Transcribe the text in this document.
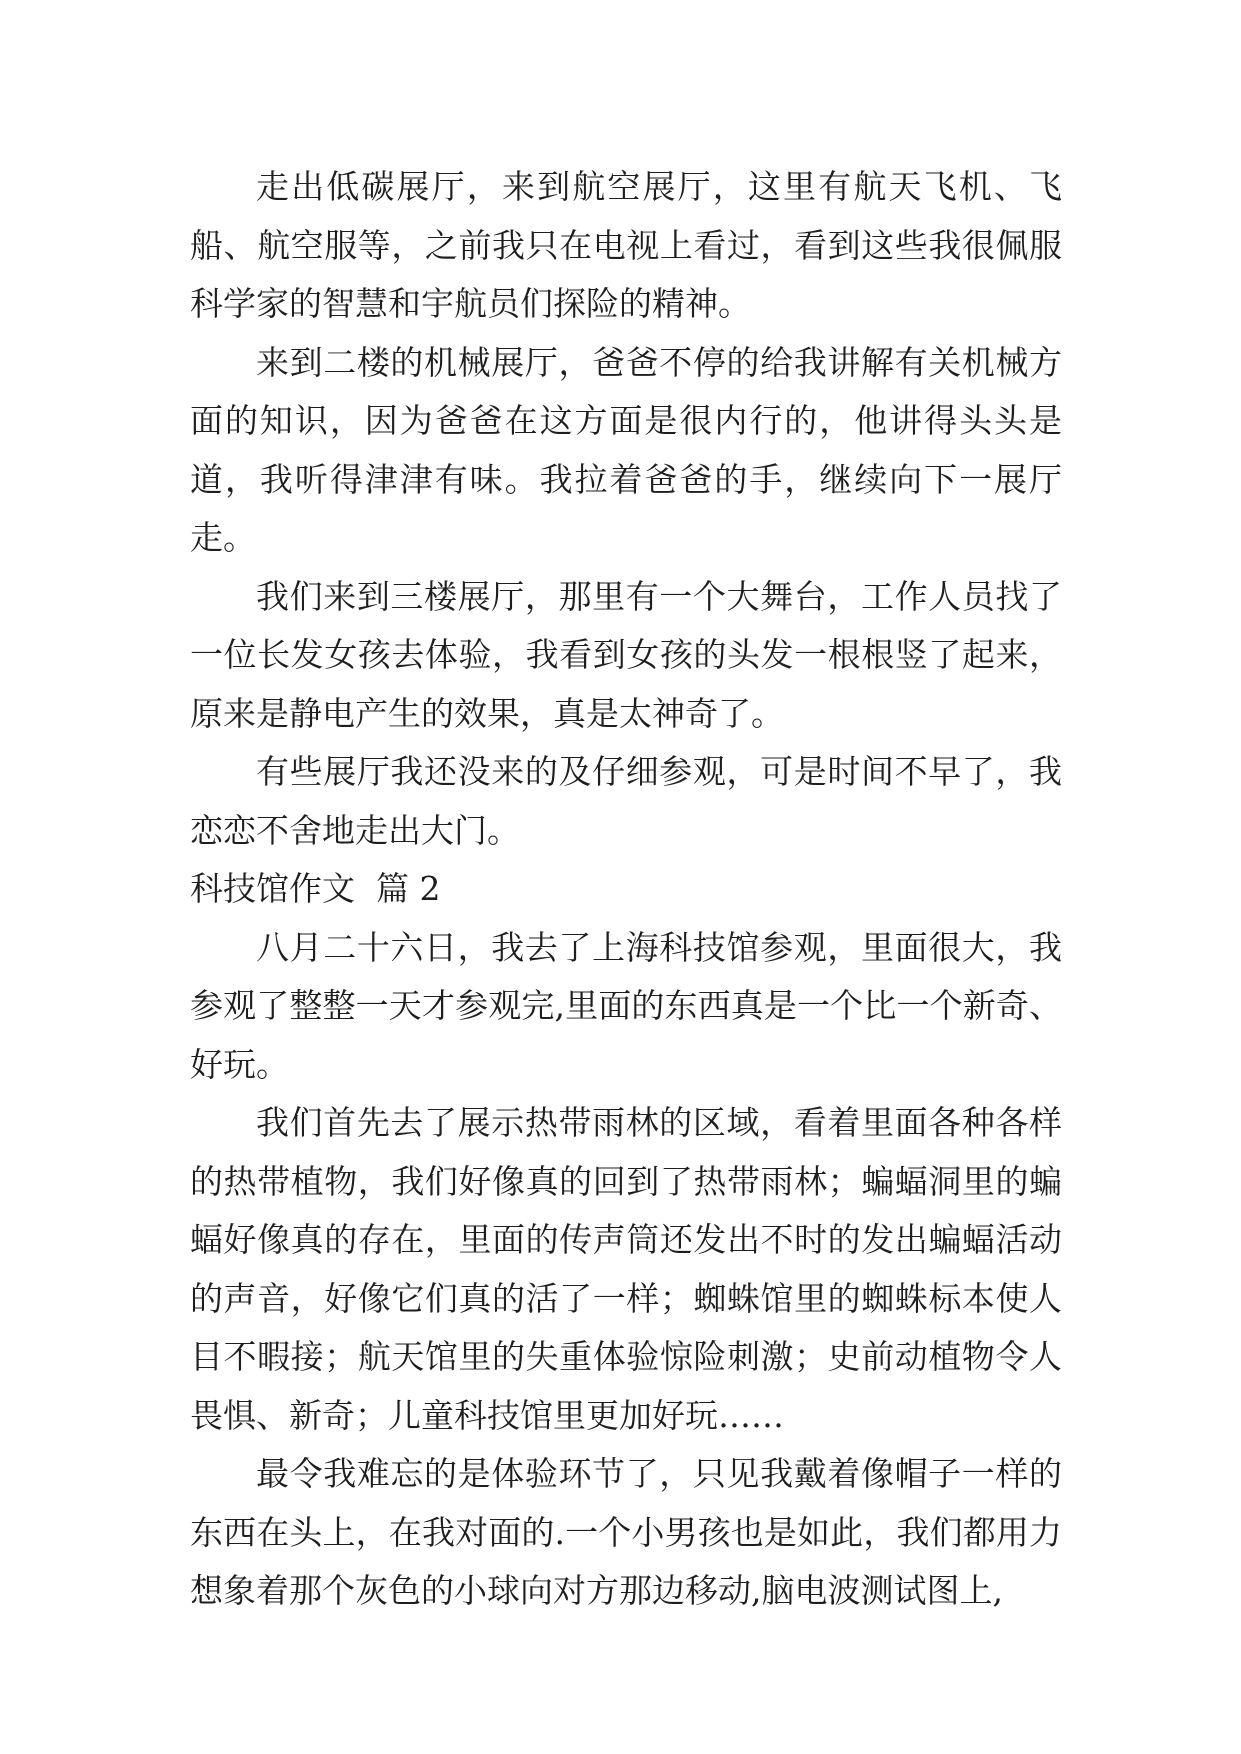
走出低碳展厅，来到航空展厅，这里有航天飞机、飞船、航空服等，之前我只在电视上看过，看到这些我很佩服科学家的智慧和宇航员们探险的精神。

来到二楼的机械展厅，爸爸不停的给我讲解有关机械方面的知识，因为爸爸在这方面是很内行的，他讲得头头是道，我听得津津有味。我拉着爸爸的手，继续向下一展厅走。

我们来到三楼展厅，那里有一个大舞台，工作人员找了一位长发女孩去体验，我看到女孩的头发一根根竖了起来，原来是静电产生的效果，真是太神奇了。

有些展厅我还没来的及仔细参观，可是时间不早了，我恋恋不舍地走出大门。

科技馆作文  篇 2

八月二十六日，我去了上海科技馆参观，里面很大，我参观了整整一天才参观完,里面的东西真是一个比一个新奇、好玩。

我们首先去了展示热带雨林的区域，看着里面各种各样的热带植物，我们好像真的回到了热带雨林；蝙蝠洞里的蝙蝠好像真的存在，里面的传声筒还发出不时的发出蝙蝠活动的声音，好像它们真的活了一样；蜘蛛馆里的蜘蛛标本使人目不暇接；航天馆里的失重体验惊险刺激；史前动植物令人畏惧、新奇；儿童科技馆里更加好玩……

最令我难忘的是体验环节了，只见我戴着像帽子一样的东西在头上，在我对面的.一个小男孩也是如此，我们都用力想象着那个灰色的小球向对方那边移动,脑电波测试图上,
